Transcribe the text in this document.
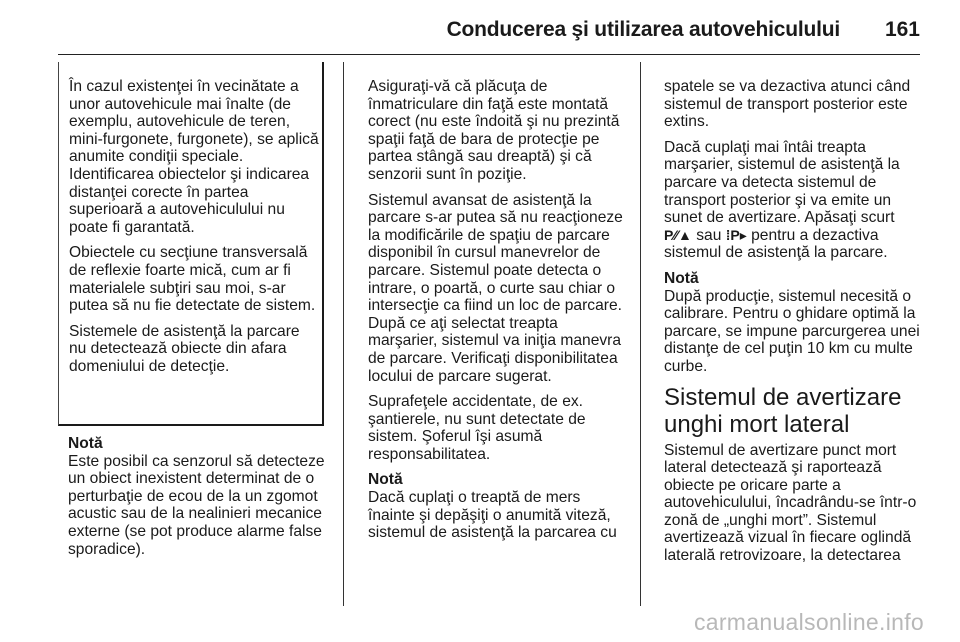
Conducerea şi utilizarea autovehiculului 161

În cazul existenţei în vecinătate a unor autovehicule mai înalte (de exemplu, autovehicule de teren, mini-furgonete, furgonete), se aplică anumite condiţii speciale. Identificarea obiectelor şi indicarea distanţei corecte în partea superioară a autovehiculului nu poate fi garantată.

Obiectele cu secţiune transversală de reflexie foarte mică, cum ar fi materialele subţiri sau moi, s-ar putea să nu fie detectate de sistem.

Sistemele de asistenţă la parcare nu detectează obiecte din afara domeniului de detecţie.

Notă

Este posibil ca senzorul să detecteze un obiect inexistent determinat de o perturbaţie de ecou de la un zgomot acustic sau de la nealinieri mecanice externe (se pot produce alarme false sporadice).

Asiguraţi-vă că plăcuţa de înmatriculare din faţă este montată corect (nu este îndoită şi nu prezintă spaţii faţă de bara de protecţie pe partea stângă sau dreaptă) şi că senzorii sunt în poziţie.

Sistemul avansat de asistenţă la parcare s-ar putea să nu reacţioneze la modificările de spaţiu de parcare disponibil în cursul manevrelor de parcare. Sistemul poate detecta o intrare, o poartă, o curte sau chiar o intersecţie ca fiind un loc de parcare. După ce aţi selectat treapta marşarier, sistemul va iniţia manevra de parcare. Verificaţi disponibilitatea locului de parcare sugerat.

Suprafeţele accidentate, de ex. şantierele, nu sunt detectate de sistem. Şoferul îşi asumă responsabilitatea.

Notă

Dacă cuplaţi o treaptă de mers înainte şi depăşiţi o anumită viteză, sistemul de asistenţă la parcarea cu

spatele se va dezactiva atunci când sistemul de transport posterior este extins.

Dacă cuplaţi mai întâi treapta marşarier, sistemul de asistenţă la parcare va detecta sistemul de transport posterior şi va emite un sunet de avertizare. Apăsaţi scurt P⁄⁄▲ sau ⁞P▸ pentru a dezactiva sistemul de asistenţă la parcare.

Notă

După producţie, sistemul necesită o calibrare. Pentru o ghidare optimă la parcare, se impune parcurgerea unei distanţe de cel puţin 10 km cu multe curbe.

Sistemul de avertizare unghi mort lateral

Sistemul de avertizare punct mort lateral detectează şi raportează obiecte pe oricare parte a autovehiculului, încadrându-se într-o zonă de „unghi mort”. Sistemul avertizează vizual în fiecare oglindă laterală retrovizoare, la detectarea

carmanualsonline.info
